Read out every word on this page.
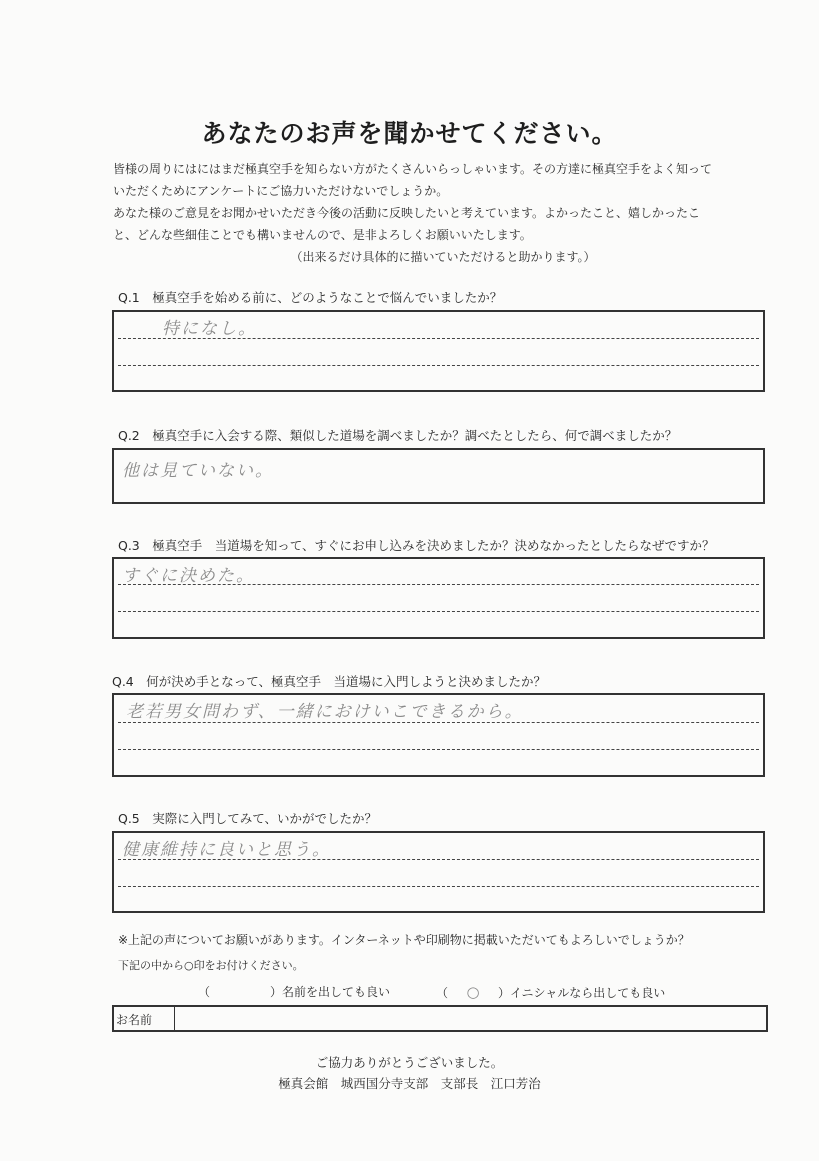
あなたのお声を聞かせてください。
皆様の周りにはにはまだ極真空手を知らない方がたくさんいらっしゃいます。その方達に極真空手をよく知って
いただくためにアンケートにご協力いただけないでしょうか。
あなた様のご意見をお聞かせいただき今後の活動に反映したいと考えています。よかったこと、嬉しかったこ
と、どんな些細佳ことでも構いませんので、是非よろしくお願いいたします。
（出来るだけ具体的に描いていただけると助かります。）
Q.1　極真空手を始める前に、どのようなことで悩んでいましたか？
特になし。
Q.2　極真空手に入会する際、類似した道場を調べましたか？調べたとしたら、何で調べましたか？
他は見ていない。
Q.3　極真空手　当道場を知って、すぐにお申し込みを決めましたか？決めなかったとしたらなぜですか？
すぐに決めた。
Q.4　何が決め手となって、極真空手　当道場に入門しようと決めましたか？
老若男女問わず、一緒におけいこできるから。
Q.5　実際に入門してみて、いかがでしたか？
健康維持に良いと思う。
※上記の声についてお願いがあります。インターネットや印刷物に掲載いただいてもよろしいでしょうか？
下記の中から○印をお付けください。
（	）名前を出しても良い	（ ○ ）イニシャルなら出しても良い
お名前
ご協力ありがとうございました。
極真会館　城西国分寺支部　支部長　江口芳治
